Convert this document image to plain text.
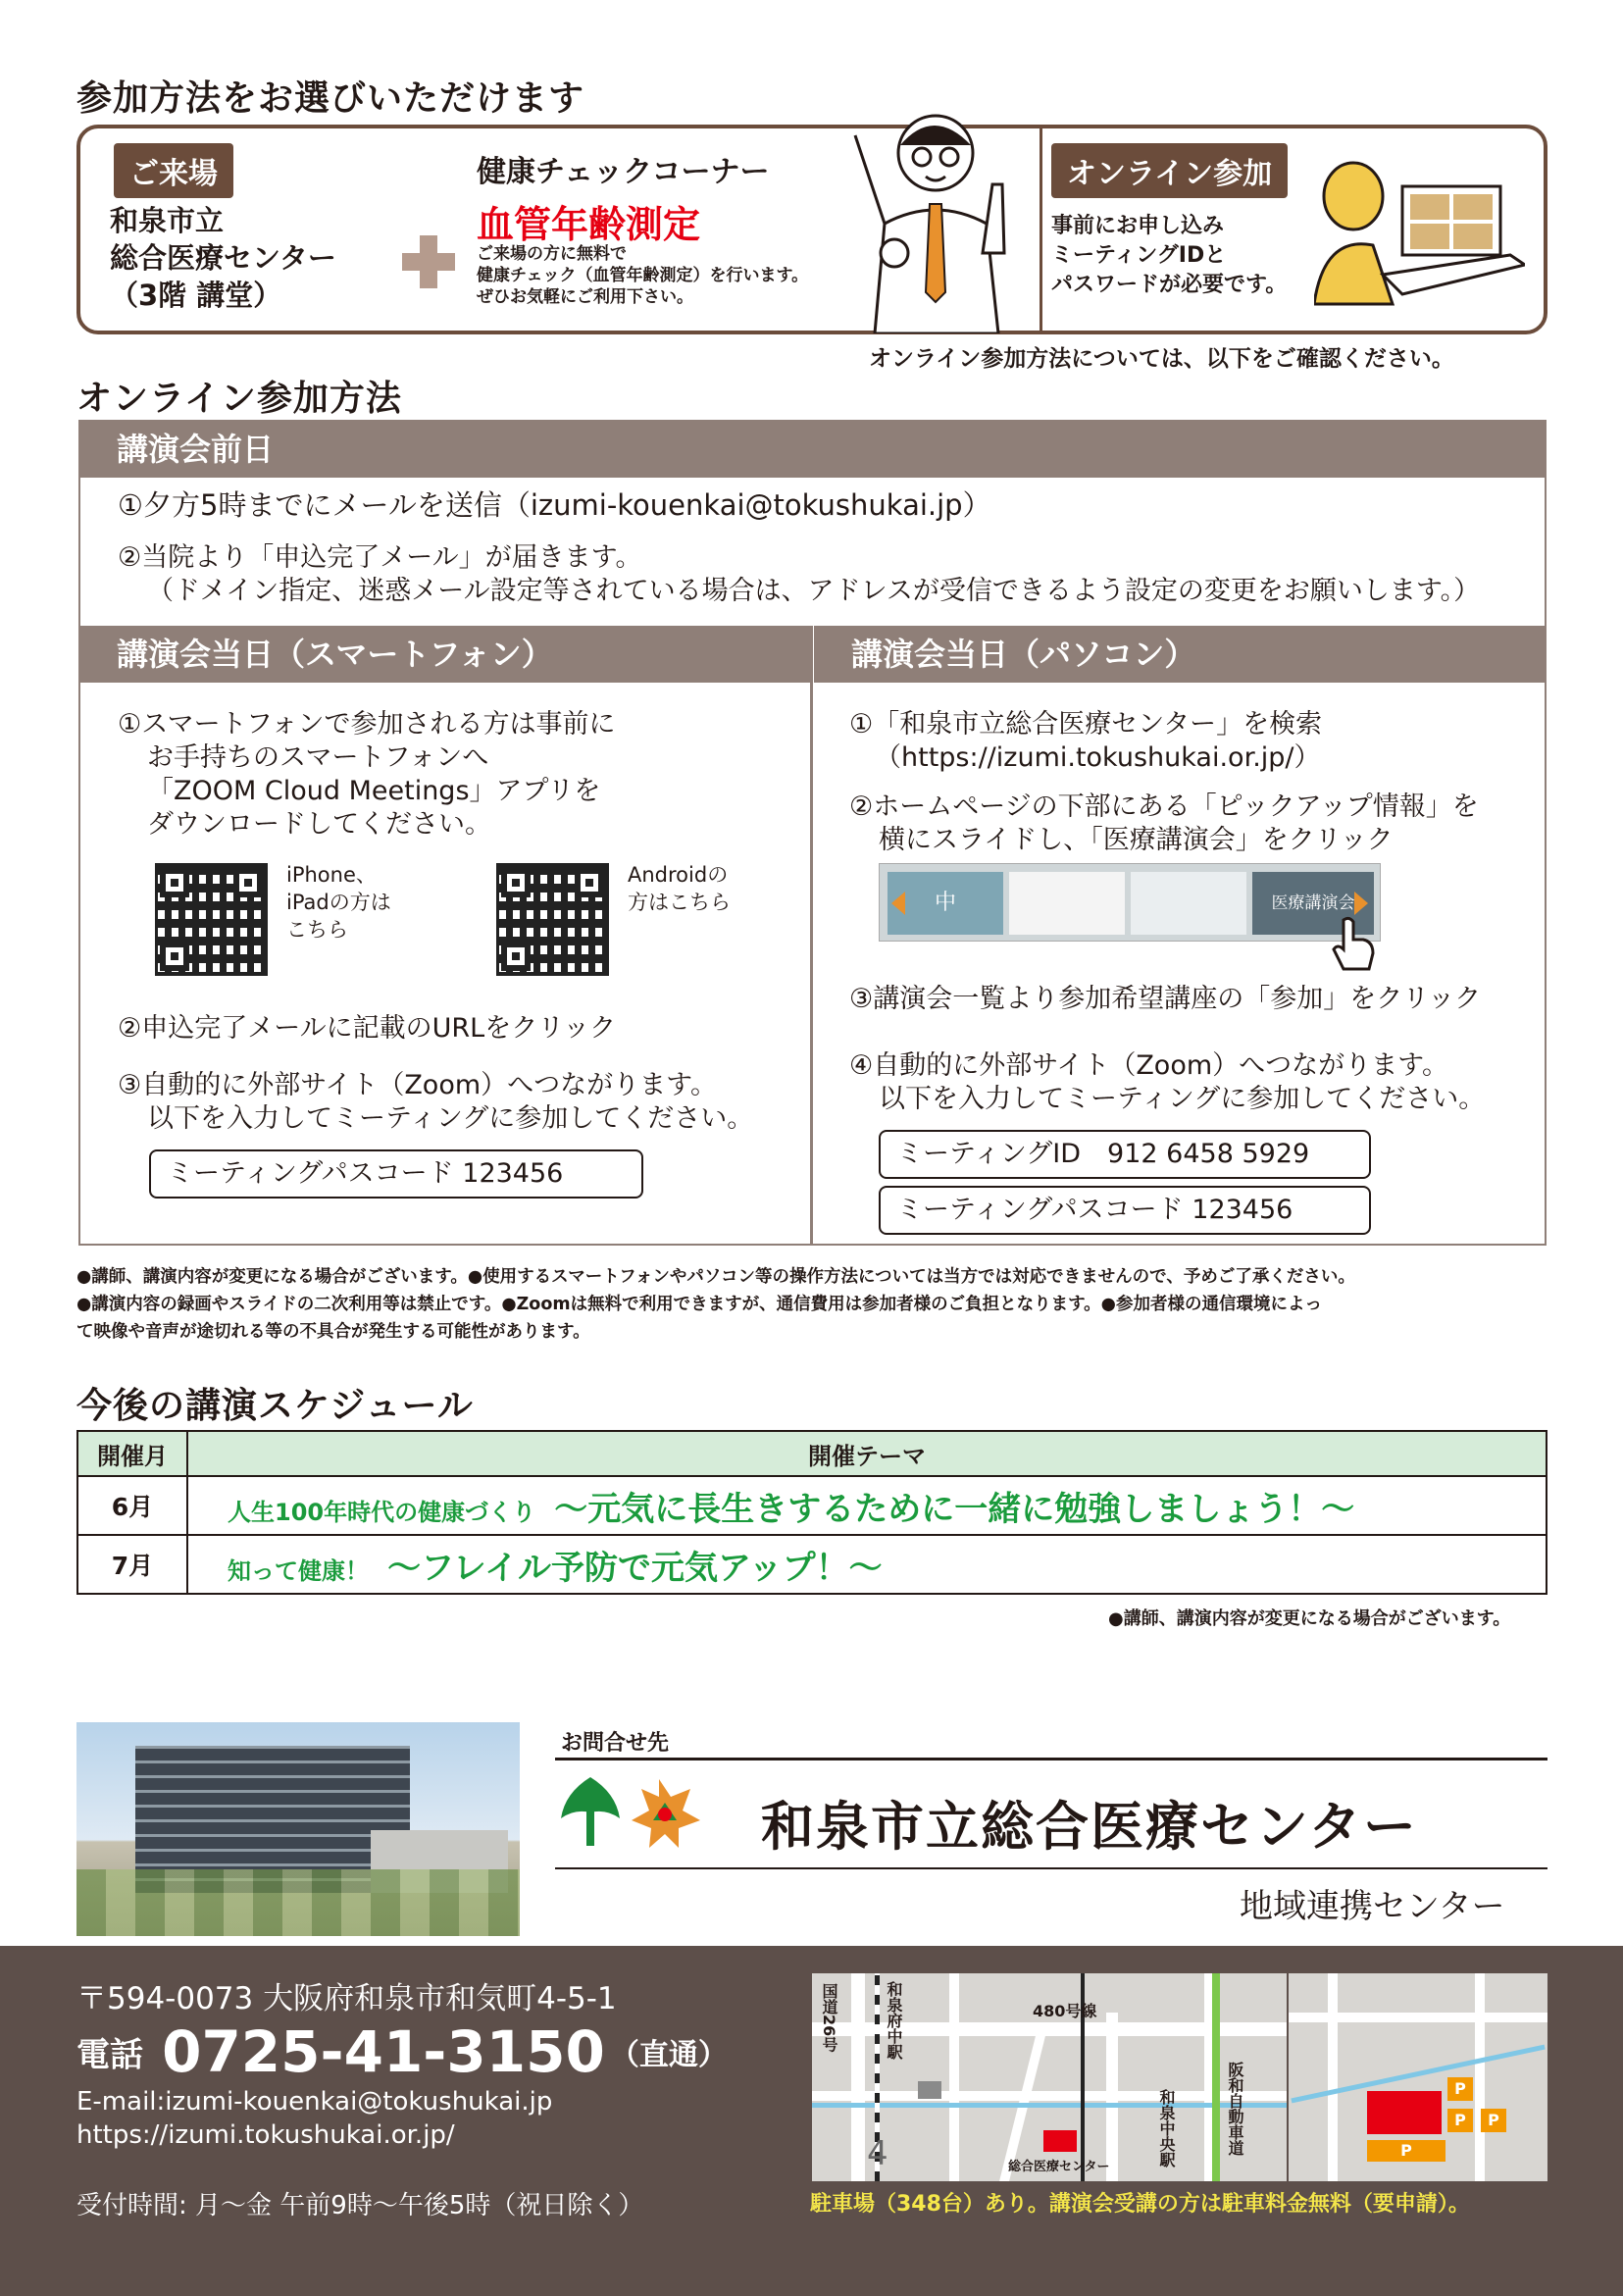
参加方法をお選びいただけます
ご来場
和泉市立
総合医療センター
（3階 講堂）
健康チェックコーナー
血管年齢測定
ご来場の方に無料で
健康チェック（血管年齢測定）を行います。
ぜひお気軽にご利用下さい。
オンライン参加
事前にお申し込み
ミーティングIDと
パスワードが必要です。
オンライン参加方法については、以下をご確認ください。
オンライン参加方法
講演会前日
①夕方5時までにメールを送信（izumi-kouenkai@tokushukai.jp）
②当院より「申込完了メール」が届きます。
（ドメイン指定、迷惑メール設定等されている場合は、アドレスが受信できるよう設定の変更をお願いします。）
講演会当日（スマートフォン）	講演会当日（パソコン）
①スマートフォンで参加される方は事前に
お手持ちのスマートフォンへ
「ZOOM Cloud Meetings」アプリを
ダウンロードしてください。
iPhone、
iPadの方は
こちら
Androidの
方はこちら
②申込完了メールに記載のURLをクリック
③自動的に外部サイト（Zoom）へつながります。
以下を入力してミーティングに参加してください。
ミーティングパスコード 123456
①「和泉市立総合医療センター」を検索
（https://izumi.tokushukai.or.jp/）
②ホームページの下部にある「ピックアップ情報」を
横にスライドし、「医療講演会」をクリック
中	医療講演会
③講演会一覧より参加希望講座の「参加」をクリック
④自動的に外部サイト（Zoom）へつながります。
以下を入力してミーティングに参加してください。
ミーティングID　912 6458 5929
ミーティングパスコード 123456
●講師、講演内容が変更になる場合がございます。●使用するスマートフォンやパソコン等の操作方法については当方では対応できませんので、予めご了承ください。
●講演内容の録画やスライドの二次利用等は禁止です。●Zoomは無料で利用できますが、通信費用は参加者様のご負担となります。●参加者様の通信環境によっ
て映像や音声が途切れる等の不具合が発生する可能性があります。
今後の講演スケジュール
開催月	開催テーマ
6月	人生100年時代の健康づくり ～元気に長生きするために一緒に勉強しましょう！～
7月	知って健康！ ～フレイル予防で元気アップ！～
●講師、講演内容が変更になる場合がございます。
お問合せ先
和泉市立総合医療センター
地域連携センター
〒594-0073 大阪府和泉市和気町4-5-1
電話 0725-41-3150 （直通）
E-mail:izumi-kouenkai@tokushukai.jp
https://izumi.tokushukai.or.jp/
受付時間: 月～金 午前9時～午後5時（祝日除く）
国道26号	和泉府中駅	480号線
和泉中央駅	阪和自動車道
総合医療センター
4	P
P
P	P
駐車場（348台）あり。講演会受講の方は駐車料金無料（要申請）。
